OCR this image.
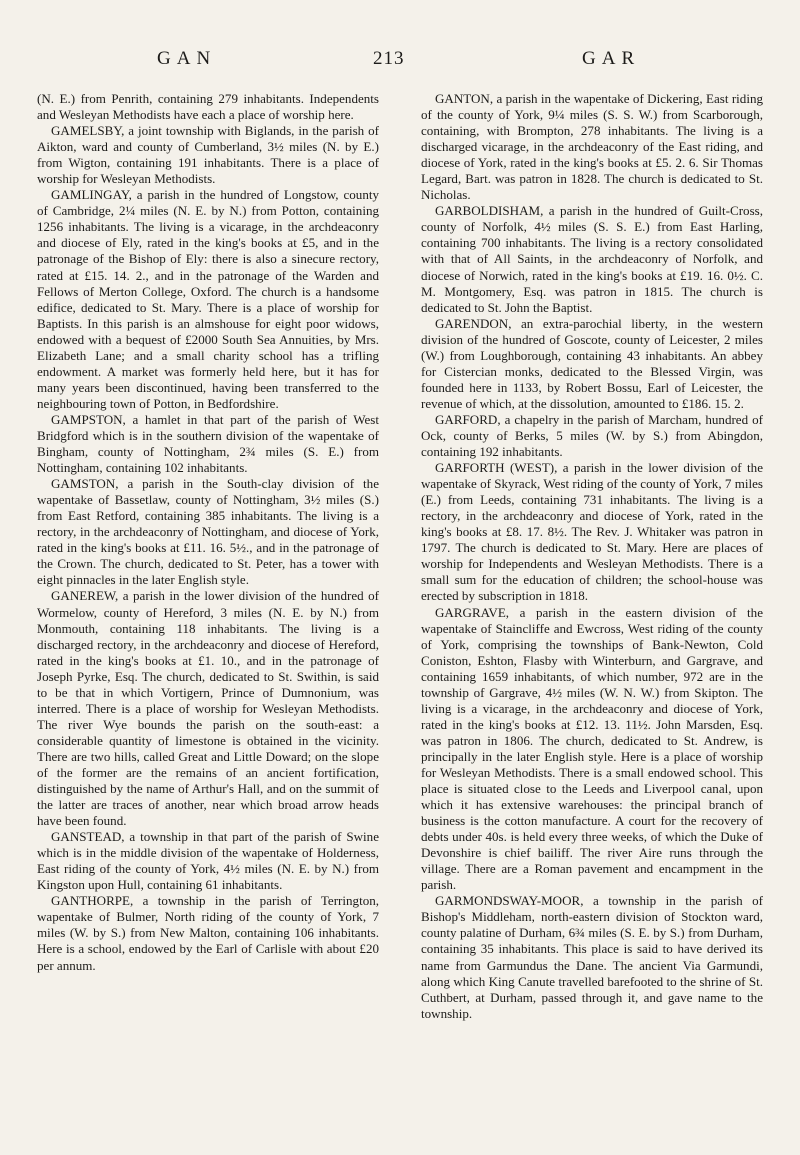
GAN	213	GAR

(N. E.) from Penrith, containing 279 inhabitants. Independents and Wesleyan Methodists have each a place of worship here.

GAMELSBY, a joint township with Biglands, in the parish of Aikton, ward and county of Cumberland, 3½ miles (N. by E.) from Wigton, containing 191 inhabitants. There is a place of worship for Wesleyan Methodists.

GAMLINGAY, a parish in the hundred of Longstow, county of Cambridge, 2¼ miles (N. E. by N.) from Potton, containing 1256 inhabitants. The living is a vicarage, in the archdeaconry and diocese of Ely, rated in the king's books at £5, and in the patronage of the Bishop of Ely: there is also a sinecure rectory, rated at £15. 14. 2., and in the patronage of the Warden and Fellows of Merton College, Oxford. The church is a handsome edifice, dedicated to St. Mary. There is a place of worship for Baptists. In this parish is an almshouse for eight poor widows, endowed with a bequest of £2000 South Sea Annuities, by Mrs. Elizabeth Lane; and a small charity school has a trifling endowment. A market was formerly held here, but it has for many years been discontinued, having been transferred to the neighbouring town of Potton, in Bedfordshire.

GAMPSTON, a hamlet in that part of the parish of West Bridgford which is in the southern division of the wapentake of Bingham, county of Nottingham, 2¾ miles (S. E.) from Nottingham, containing 102 inhabitants.

GAMSTON, a parish in the South-clay division of the wapentake of Bassetlaw, county of Nottingham, 3½ miles (S.) from East Retford, containing 385 inhabitants. The living is a rectory, in the archdeaconry of Nottingham, and diocese of York, rated in the king's books at £11. 16. 5½., and in the patronage of the Crown. The church, dedicated to St. Peter, has a tower with eight pinnacles in the later English style.

GANEREW, a parish in the lower division of the hundred of Wormelow, county of Hereford, 3 miles (N. E. by N.) from Monmouth, containing 118 inhabitants. The living is a discharged rectory, in the archdeaconry and diocese of Hereford, rated in the king's books at £1. 10., and in the patronage of Joseph Pyrke, Esq. The church, dedicated to St. Swithin, is said to be that in which Vortigern, Prince of Dumnonium, was interred. There is a place of worship for Wesleyan Methodists. The river Wye bounds the parish on the south-east: a considerable quantity of limestone is obtained in the vicinity. There are two hills, called Great and Little Doward; on the slope of the former are the remains of an ancient fortification, distinguished by the name of Arthur's Hall, and on the summit of the latter are traces of another, near which broad arrow heads have been found.

GANSTEAD, a township in that part of the parish of Swine which is in the middle division of the wapentake of Holderness, East riding of the county of York, 4½ miles (N. E. by N.) from Kingston upon Hull, containing 61 inhabitants.

GANTHORPE, a township in the parish of Terrington, wapentake of Bulmer, North riding of the county of York, 7 miles (W. by S.) from New Malton, containing 106 inhabitants. Here is a school, endowed by the Earl of Carlisle with about £20 per annum.

GANTON, a parish in the wapentake of Dickering, East riding of the county of York, 9¼ miles (S. S. W.) from Scarborough, containing, with Brompton, 278 inhabitants. The living is a discharged vicarage, in the archdeaconry of the East riding, and diocese of York, rated in the king's books at £5. 2. 6. Sir Thomas Legard, Bart. was patron in 1828. The church is dedicated to St. Nicholas.

GARBOLDISHAM, a parish in the hundred of Guilt-Cross, county of Norfolk, 4½ miles (S. S. E.) from East Harling, containing 700 inhabitants. The living is a rectory consolidated with that of All Saints, in the archdeaconry of Norfolk, and diocese of Norwich, rated in the king's books at £19. 16. 0½. C. M. Montgomery, Esq. was patron in 1815. The church is dedicated to St. John the Baptist.

GARENDON, an extra-parochial liberty, in the western division of the hundred of Goscote, county of Leicester, 2 miles (W.) from Loughborough, containing 43 inhabitants. An abbey for Cistercian monks, dedicated to the Blessed Virgin, was founded here in 1133, by Robert Bossu, Earl of Leicester, the revenue of which, at the dissolution, amounted to £186. 15. 2.

GARFORD, a chapelry in the parish of Marcham, hundred of Ock, county of Berks, 5 miles (W. by S.) from Abingdon, containing 192 inhabitants.

GARFORTH (WEST), a parish in the lower division of the wapentake of Skyrack, West riding of the county of York, 7 miles (E.) from Leeds, containing 731 inhabitants. The living is a rectory, in the archdeaconry and diocese of York, rated in the king's books at £8. 17. 8½. The Rev. J. Whitaker was patron in 1797. The church is dedicated to St. Mary. Here are places of worship for Independents and Wesleyan Methodists. There is a small sum for the education of children; the school-house was erected by subscription in 1818.

GARGRAVE, a parish in the eastern division of the wapentake of Staincliffe and Ewcross, West riding of the county of York, comprising the townships of Bank-Newton, Cold Coniston, Eshton, Flasby with Winterburn, and Gargrave, and containing 1659 inhabitants, of which number, 972 are in the township of Gargrave, 4½ miles (W. N. W.) from Skipton. The living is a vicarage, in the archdeaconry and diocese of York, rated in the king's books at £12. 13. 11½. John Marsden, Esq. was patron in 1806. The church, dedicated to St. Andrew, is principally in the later English style. Here is a place of worship for Wesleyan Methodists. There is a small endowed school. This place is situated close to the Leeds and Liverpool canal, upon which it has extensive warehouses: the principal branch of business is the cotton manufacture. A court for the recovery of debts under 40s. is held every three weeks, of which the Duke of Devonshire is chief bailiff. The river Aire runs through the village. There are a Roman pavement and encampment in the parish.

GARMONDSWAY-MOOR, a township in the parish of Bishop's Middleham, north-eastern division of Stockton ward, county palatine of Durham, 6¾ miles (S. E. by S.) from Durham, containing 35 inhabitants. This place is said to have derived its name from Garmundus the Dane. The ancient Via Garmundi, along which King Canute travelled barefooted to the shrine of St. Cuthbert, at Durham, passed through it, and gave name to the township.
